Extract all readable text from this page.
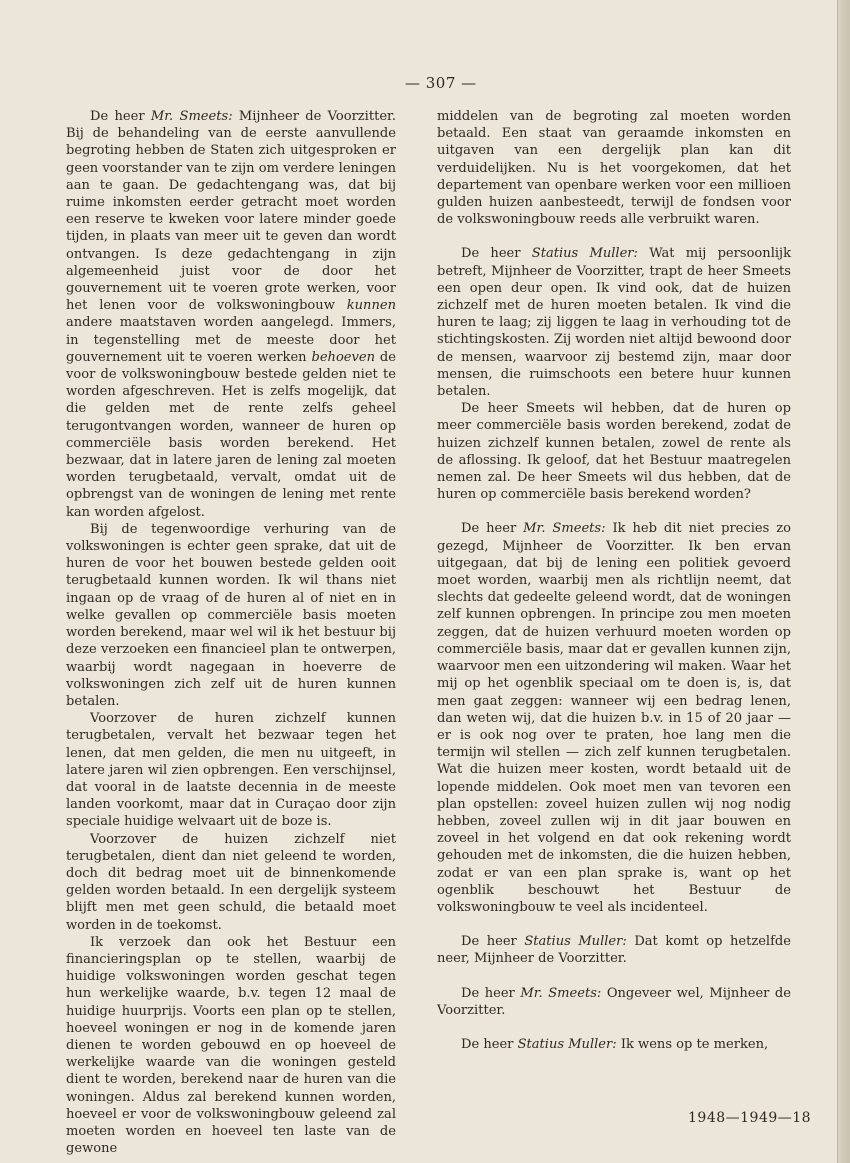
— 307 —

De heer Mr. Smeets: Mijnheer de Voorzitter. Bij de behandeling van de eerste aanvullende begroting hebben de Staten zich uitgesproken er geen voorstander van te zijn om verdere leningen aan te gaan. De gedachtengang was, dat bij ruime inkomsten eerder getracht moet worden een reserve te kweken voor latere minder goede tijden, in plaats van meer uit te geven dan wordt ontvangen. Is deze gedachtengang in zijn algemeenheid juist voor de door het gouvernement uit te voeren grote werken, voor het lenen voor de volkswoningbouw kunnen andere maatstaven worden aangelegd. Immers, in tegenstelling met de meeste door het gouvernement uit te voeren werken behoeven de voor de volkswoningbouw bestede gelden niet te worden afgeschreven. Het is zelfs mogelijk, dat die gelden met de rente zelfs geheel terugontvangen worden, wanneer de huren op commerciële basis worden berekend. Het bezwaar, dat in latere jaren de lening zal moeten worden terugbetaald, vervalt, omdat uit de opbrengst van de woningen de lening met rente kan worden afgelost.

Bij de tegenwoordige verhuring van de volkswoningen is echter geen sprake, dat uit de huren de voor het bouwen bestede gelden ooit terugbetaald kunnen worden. Ik wil thans niet ingaan op de vraag of de huren al of niet en in welke gevallen op commerciële basis moeten worden berekend, maar wel wil ik het bestuur bij deze verzoeken een financieel plan te ontwerpen, waarbij wordt nagegaan in hoeverre de volkswoningen zich zelf uit de huren kunnen betalen.

Voorzover de huren zichzelf kunnen terugbetalen, vervalt het bezwaar tegen het lenen, dat men gelden, die men nu uitgeeft, in latere jaren wil zien opbrengen. Een verschijnsel, dat vooral in de laatste decennia in de meeste landen voorkomt, maar dat in Curaçao door zijn speciale huidige welvaart uit de boze is.

Voorzover de huizen zichzelf niet terugbetalen, dient dan niet geleend te worden, doch dit bedrag moet uit de binnenkomende gelden worden betaald. In een dergelijk systeem blijft men met geen schuld, die betaald moet worden in de toekomst.

Ik verzoek dan ook het Bestuur een financieringsplan op te stellen, waarbij de huidige volkswoningen worden geschat tegen hun werkelijke waarde, b.v. tegen 12 maal de huidige huurprijs. Voorts een plan op te stellen, hoeveel woningen er nog in de komende jaren dienen te worden gebouwd en op hoeveel de werkelijke waarde van die woningen gesteld dient te worden, berekend naar de huren van die woningen. Aldus zal berekend kunnen worden, hoeveel er voor de volkswoningbouw geleend zal moeten worden en hoeveel ten laste van de gewone

middelen van de begroting zal moeten worden betaald. Een staat van geraamde inkomsten en uitgaven van een dergelijk plan kan dit verduidelijken. Nu is het voorgekomen, dat het departement van openbare werken voor een millioen gulden huizen aanbesteedt, terwijl de fondsen voor de volkswoningbouw reeds alle verbruikt waren.

De heer Statius Muller: Wat mij persoonlijk betreft, Mijnheer de Voorzitter, trapt de heer Smeets een open deur open. Ik vind ook, dat de huizen zichzelf met de huren moeten betalen. Ik vind die huren te laag; zij liggen te laag in verhouding tot de stichtingskosten. Zij worden niet altijd bewoond door de mensen, waarvoor zij bestemd zijn, maar door mensen, die ruimschoots een betere huur kunnen betalen.

De heer Smeets wil hebben, dat de huren op meer commerciële basis worden berekend, zodat de huizen zichzelf kunnen betalen, zowel de rente als de aflossing. Ik geloof, dat het Bestuur maatregelen nemen zal. De heer Smeets wil dus hebben, dat de huren op commerciële basis berekend worden?

De heer Mr. Smeets: Ik heb dit niet precies zo gezegd, Mijnheer de Voorzitter. Ik ben ervan uitgegaan, dat bij de lening een politiek gevoerd moet worden, waarbij men als richtlijn neemt, dat slechts dat gedeelte geleend wordt, dat de woningen zelf kunnen opbrengen. In principe zou men moeten zeggen, dat de huizen verhuurd moeten worden op commerciële basis, maar dat er gevallen kunnen zijn, waarvoor men een uitzondering wil maken. Waar het mij op het ogenblik speciaal om te doen is, is, dat men gaat zeggen: wanneer wij een bedrag lenen, dan weten wij, dat die huizen b.v. in 15 of 20 jaar — er is ook nog over te praten, hoe lang men die termijn wil stellen — zich zelf kunnen terugbetalen. Wat die huizen meer kosten, wordt betaald uit de lopende middelen. Ook moet men van tevoren een plan opstellen: zoveel huizen zullen wij nog nodig hebben, zoveel zullen wij in dit jaar bouwen en zoveel in het volgend en dat ook rekening wordt gehouden met de inkomsten, die die huizen hebben, zodat er van een plan sprake is, want op het ogenblik beschouwt het Bestuur de volkswoningbouw te veel als incidenteel.

De heer Statius Muller: Dat komt op hetzelfde neer, Mijnheer de Voorzitter.

De heer Mr. Smeets: Ongeveer wel, Mijnheer de Voorzitter.

De heer Statius Muller: Ik wens op te merken,

1948—1949—18
